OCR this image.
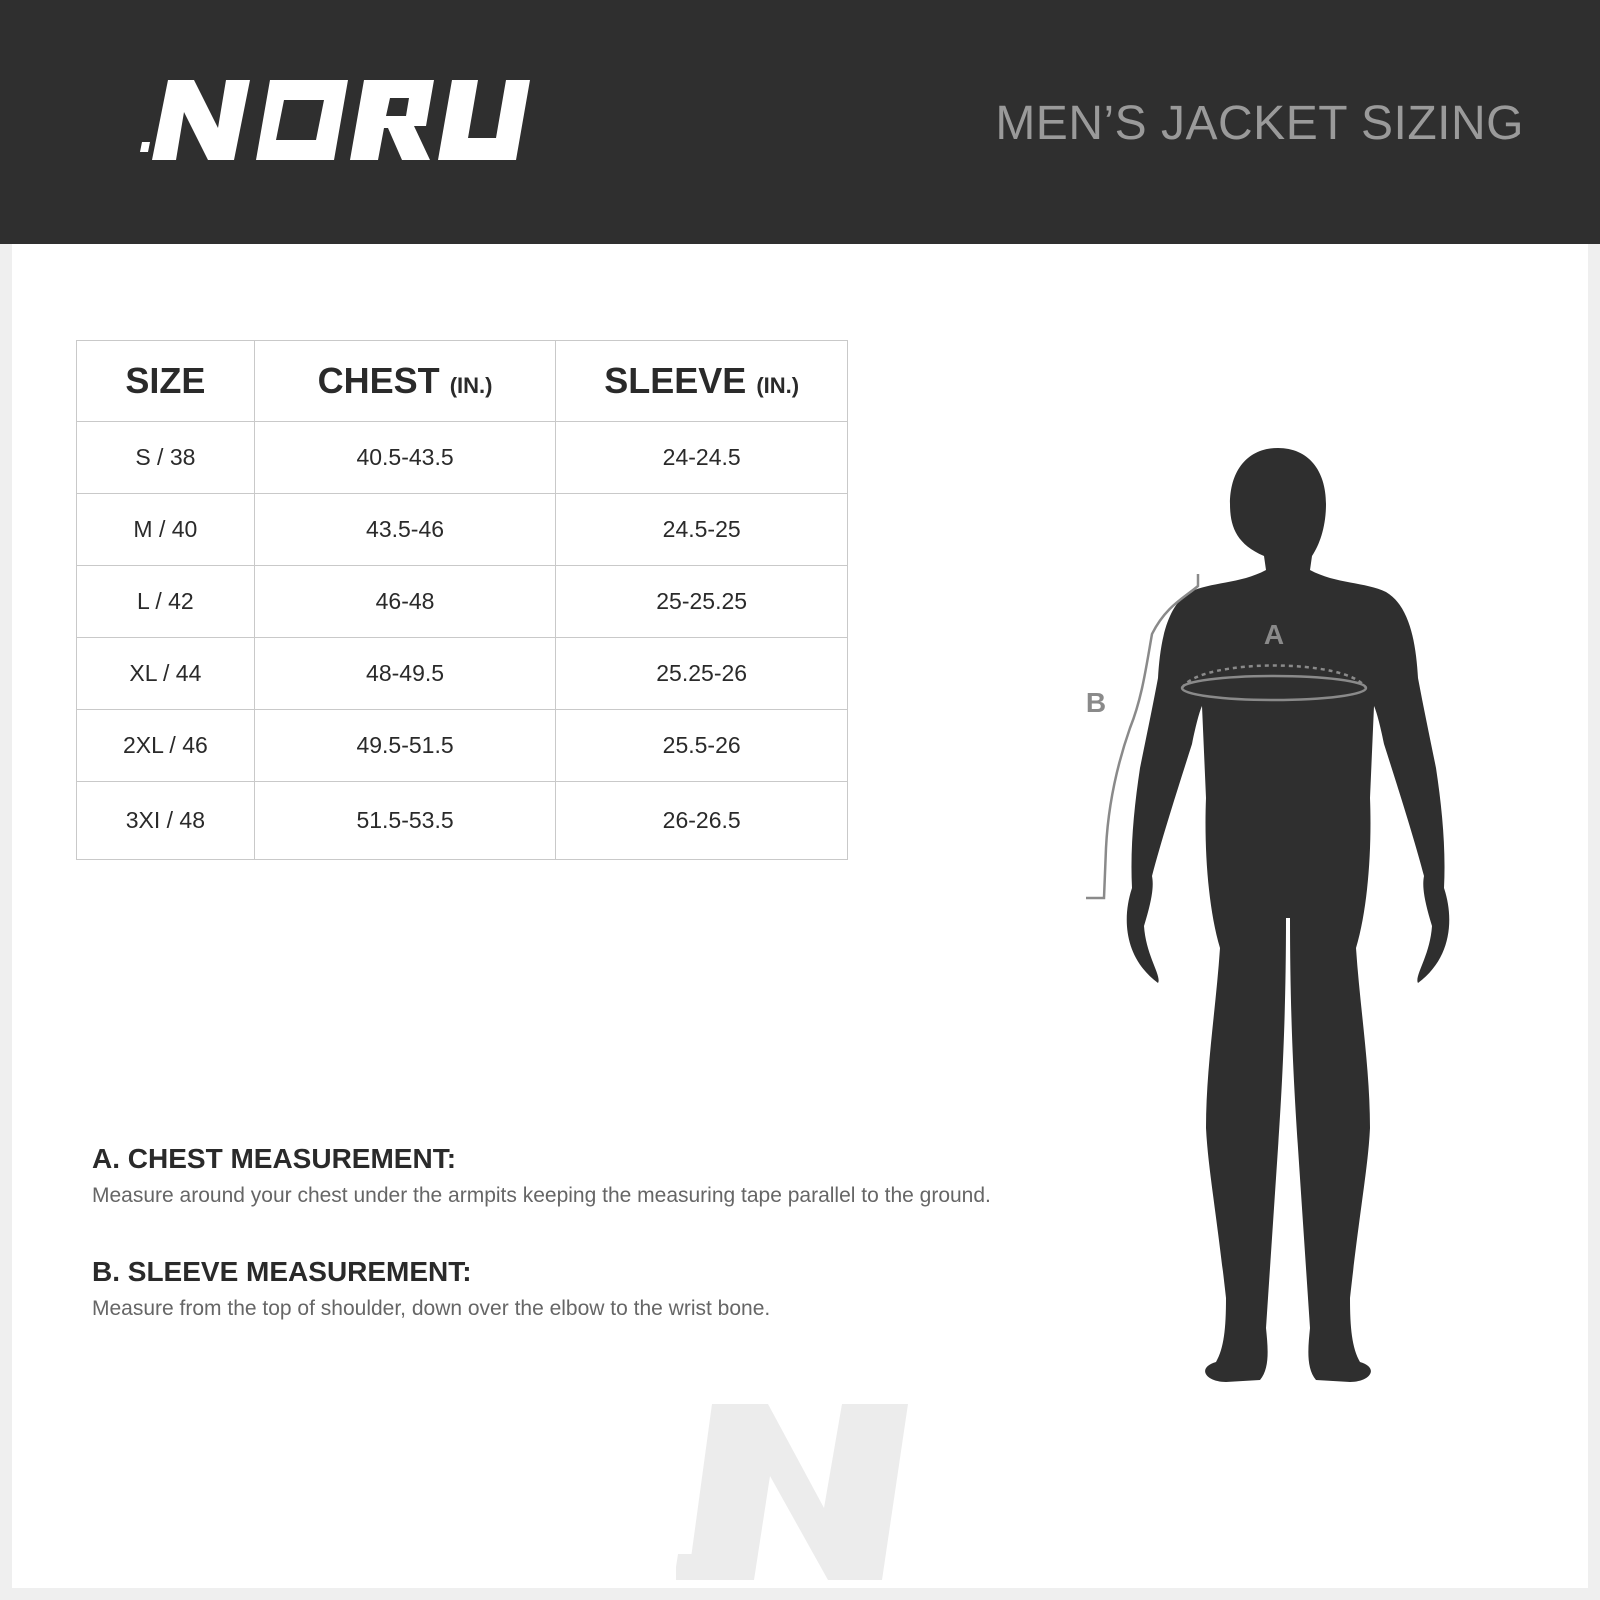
MEN’S JACKET SIZING
SIZE	CHEST (IN.)	SLEEVE (IN.)
S / 38	40.5-43.5	24-24.5
M / 40	43.5-46	24.5-25
L / 42	46-48	25-25.25
XL / 44	48-49.5	25.25-26
2XL / 46	49.5-51.5	25.5-26
3XI / 48	51.5-53.5	26-26.5
A. CHEST MEASUREMENT:
Measure around your chest under the armpits keeping the measuring tape parallel to the ground.
B. SLEEVE MEASUREMENT:
Measure from the top of shoulder, down over the elbow to the wrist bone.
A
B
